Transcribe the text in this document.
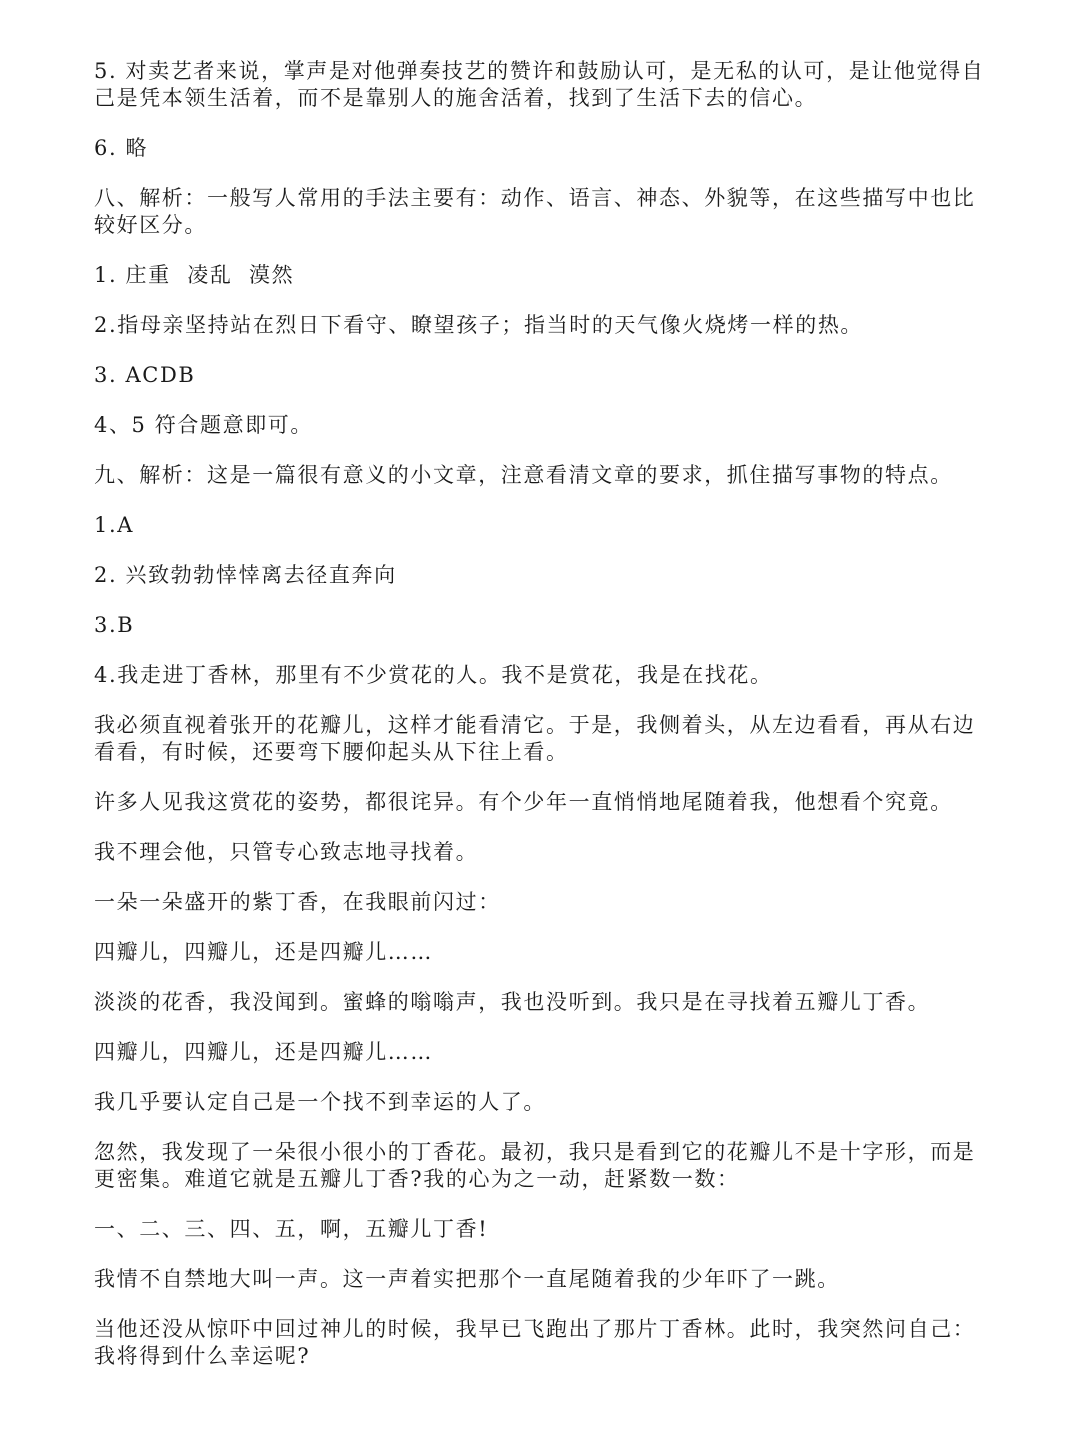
5. 对卖艺者来说，掌声是对他弹奏技艺的赞许和鼓励认可，是无私的认可，是让他觉得自己是凭本领生活着，而不是靠别人的施舍活着，找到了生活下去的信心。

6. 略

八、解析：一般写人常用的手法主要有：动作、语言、神态、外貌等，在这些描写中也比较好区分。

1. 庄重  凌乱  漠然

2.指母亲坚持站在烈日下看守、瞭望孩子；指当时的天气像火烧烤一样的热。

3. ACDB

4、5 符合题意即可。

九、解析：这是一篇很有意义的小文章，注意看清文章的要求，抓住描写事物的特点。

1.A

2. 兴致勃勃悻悻离去径直奔向

3.B

4.我走进丁香林，那里有不少赏花的人。我不是赏花，我是在找花。

我必须直视着张开的花瓣儿，这样才能看清它。于是，我侧着头，从左边看看，再从右边看看，有时候，还要弯下腰仰起头从下往上看。

许多人见我这赏花的姿势，都很诧异。有个少年一直悄悄地尾随着我，他想看个究竟。

我不理会他，只管专心致志地寻找着。

一朵一朵盛开的紫丁香，在我眼前闪过：

四瓣儿，四瓣儿，还是四瓣儿……

淡淡的花香，我没闻到。蜜蜂的嗡嗡声，我也没听到。我只是在寻找着五瓣儿丁香。

四瓣儿，四瓣儿，还是四瓣儿……

我几乎要认定自己是一个找不到幸运的人了。

忽然，我发现了一朵很小很小的丁香花。最初，我只是看到它的花瓣儿不是十字形，而是更密集。难道它就是五瓣儿丁香?我的心为之一动，赶紧数一数：

一、二、三、四、五，啊，五瓣儿丁香!

我情不自禁地大叫一声。这一声着实把那个一直尾随着我的少年吓了一跳。

当他还没从惊吓中回过神儿的时候，我早已飞跑出了那片丁香林。此时，我突然问自己：我将得到什么幸运呢?
